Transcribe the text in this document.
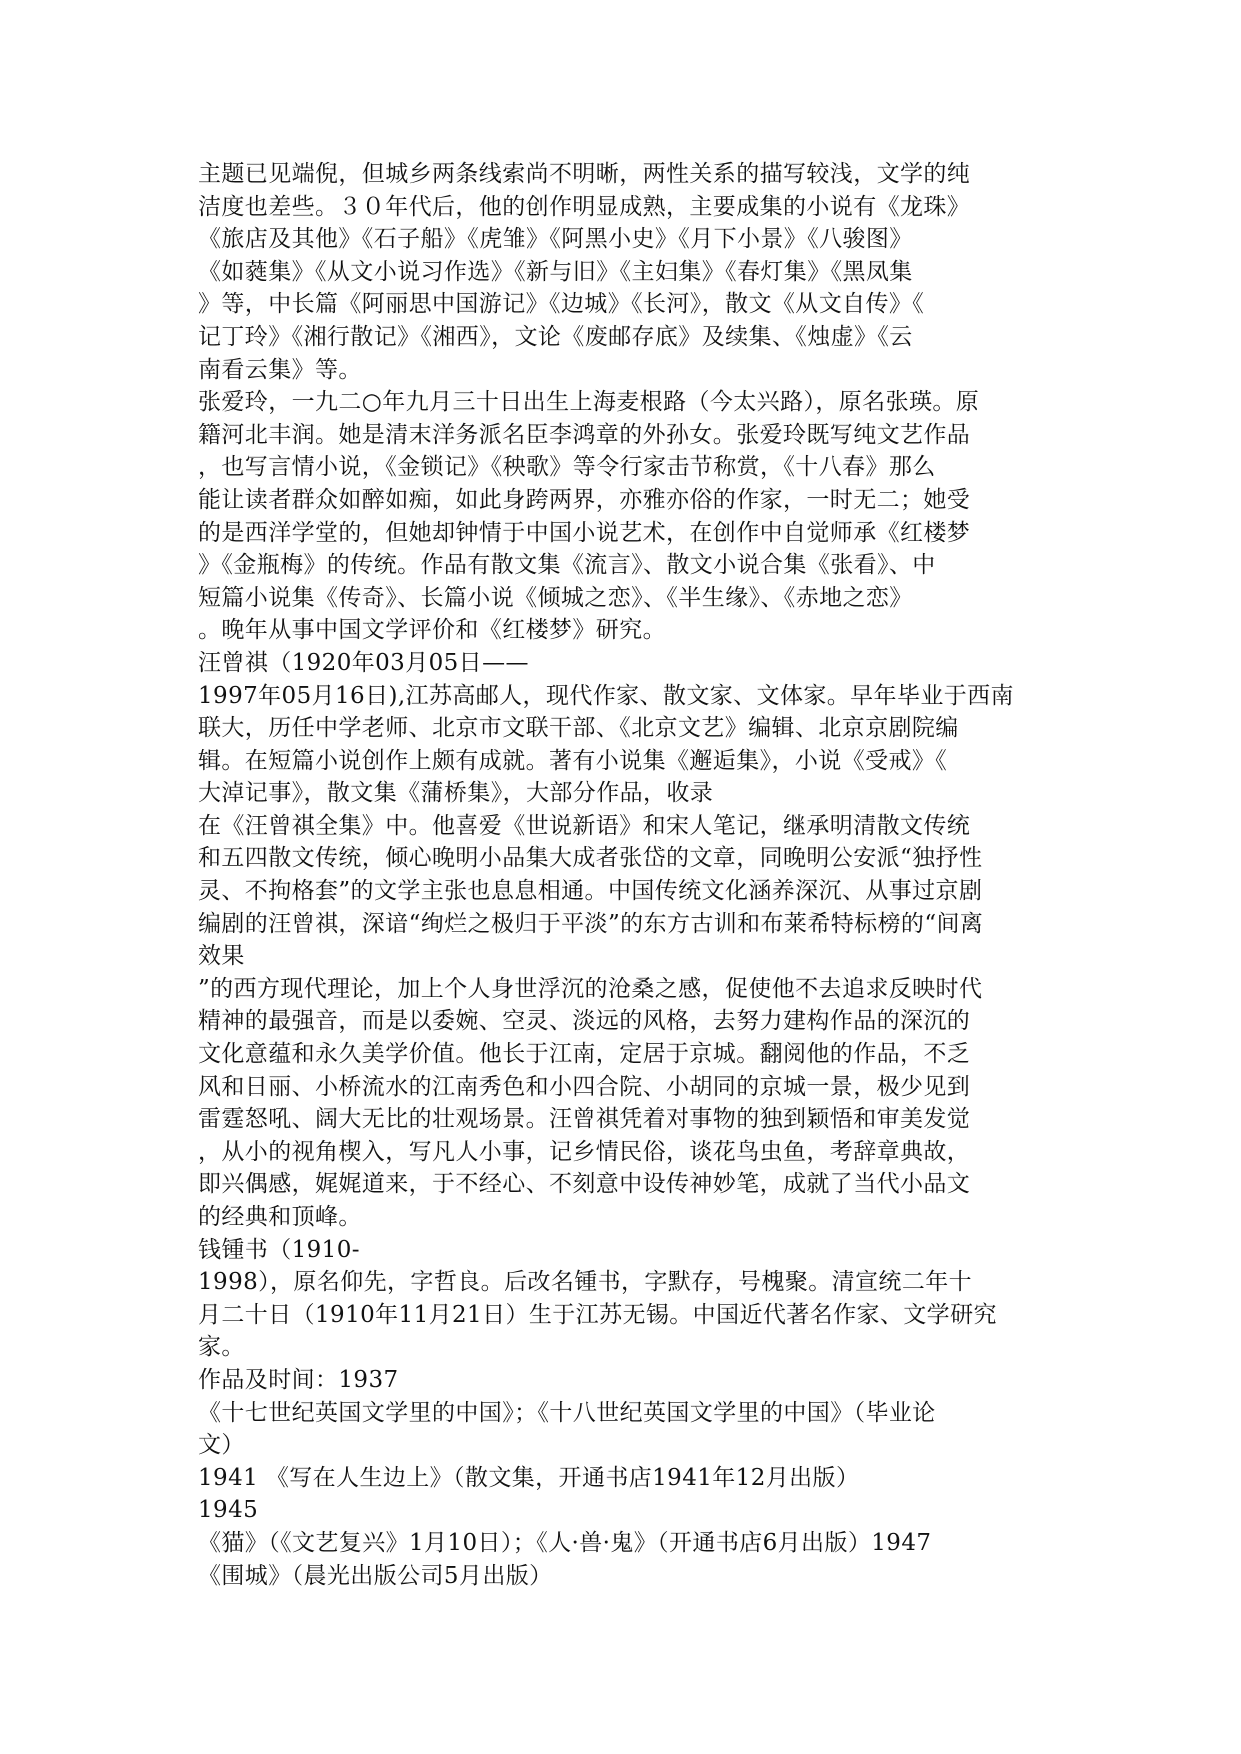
主题已见端倪，但城乡两条线索尚不明晰，两性关系的描写较浅，文学的纯
洁度也差些。３０年代后，他的创作明显成熟，主要成集的小说有《龙珠》
《旅店及其他》《石子船》《虎雏》《阿黑小史》《月下小景》《八骏图》
《如蕤集》《从文小说习作选》《新与旧》《主妇集》《春灯集》《黑凤集
》等，中长篇《阿丽思中国游记》《边城》《长河》，散文《从文自传》《
记丁玲》《湘行散记》《湘西》，文论《废邮存底》及续集、《烛虚》《云
南看云集》等。
张爱玲，一九二○年九月三十日出生上海麦根路（今太兴路），原名张瑛。原
籍河北丰润。她是清末洋务派名臣李鸿章的外孙女。张爱玲既写纯文艺作品
，也写言情小说，《金锁记》《秧歌》等令行家击节称赏，《十八春》那么
能让读者群众如醉如痴，如此身跨两界，亦雅亦俗的作家，一时无二；她受
的是西洋学堂的，但她却钟情于中国小说艺术，在创作中自觉师承《红楼梦
》《金瓶梅》的传统。作品有散文集《流言》、散文小说合集《张看》、中
短篇小说集《传奇》、长篇小说《倾城之恋》、《半生缘》、《赤地之恋》
。晚年从事中国文学评价和《红楼梦》研究。
汪曾祺（1920年03月05日——
1997年05月16日),江苏高邮人，现代作家、散文家、文体家。早年毕业于西南
联大，历任中学老师、北京市文联干部、《北京文艺》编辑、北京京剧院编
辑。在短篇小说创作上颇有成就。著有小说集《邂逅集》，小说《受戒》《
大淖记事》，散文集《蒲桥集》，大部分作品，收录
在《汪曾祺全集》中。他喜爱《世说新语》和宋人笔记，继承明清散文传统
和五四散文传统，倾心晚明小品集大成者张岱的文章，同晚明公安派“独抒性
灵、不拘格套”的文学主张也息息相通。中国传统文化涵养深沉、从事过京剧
编剧的汪曾祺，深谙“绚烂之极归于平淡”的东方古训和布莱希特标榜的“间离
效果
”的西方现代理论，加上个人身世浮沉的沧桑之感，促使他不去追求反映时代
精神的最强音，而是以委婉、空灵、淡远的风格，去努力建构作品的深沉的
文化意蕴和永久美学价值。他长于江南，定居于京城。翻阅他的作品，不乏
风和日丽、小桥流水的江南秀色和小四合院、小胡同的京城一景，极少见到
雷霆怒吼、阔大无比的壮观场景。汪曾祺凭着对事物的独到颖悟和审美发觉
，从小的视角楔入，写凡人小事，记乡情民俗，谈花鸟虫鱼，考辞章典故，
即兴偶感，娓娓道来，于不经心、不刻意中设传神妙笔，成就了当代小品文
的经典和顶峰。
钱锺书（1910-
1998），原名仰先，字哲良。后改名锺书，字默存，号槐聚。清宣统二年十
月二十日（1910年11月21日）生于江苏无锡。中国近代著名作家、文学研究
家。
作品及时间：1937
《十七世纪英国文学里的中国》；《十八世纪英国文学里的中国》（毕业论
文）
1941 《写在人生边上》（散文集，开通书店1941年12月出版）
1945
《猫》（《文艺复兴》1月10日）；《人·兽·鬼》（开通书店6月出版）1947
《围城》（晨光出版公司5月出版）
